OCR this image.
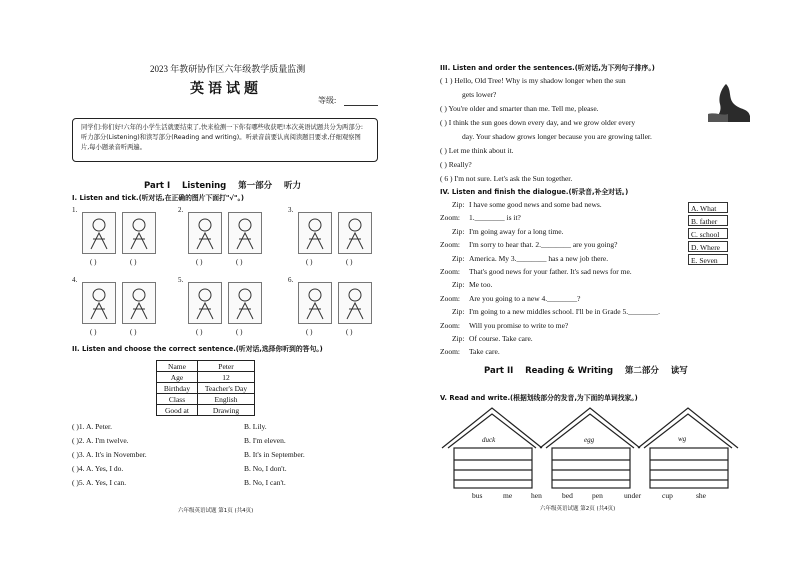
2023 年教研协作区六年级教学质量监测
英语试题
等级:
同学们:你们好!六年的小学生活就要结束了,快来检测一下你有哪些收获吧!本次英语试题共分为两部分:听力部分(Listening)和读写部分(Reading and writing)。听录音前要认真阅读题目要求,仔细观察图片,每小题录音听两遍。
Part I    Listening    第一部分    听力
I. Listen and tick.(听对话,在正确的图片下面打"√"。)
1.
( )	( )
2.
( )	( )
3.
( )	( )
4.
( )	( )
5.
( )	( )
6.
( )	( )
II. Listen and choose the correct sentence.(听对话,选择你听到的答句。)
Name	Peter
Age	12
Birthday	Teacher's Day
Class	English
Good at	Drawing
( )1. A. Peter.	B. Lily.
( )2. A. I'm twelve.	B. I'm eleven.
( )3. A. It's in November.	B. It's in September.
( )4. A. Yes, I do.	B. No, I don't.
( )5. A. Yes, I can.	B. No, I can't.
六年级英语试题 第1页 (共4页)
III. Listen and order the sentences.(听对话,为下列句子排序。)
( 1 ) Hello, Old Tree! Why is my shadow longer when the sun
gets lower?
( ) You're older and smarter than me. Tell me, please.
( ) I think the sun goes down every day, and we grow older every
day. Your shadow grows longer because you are growing taller.
( ) Let me think about it.
( ) Really?
( 6 ) I'm not sure. Let's ask the Sun together.
IV. Listen and finish the dialogue.(听录音,补全对话。)
Zip: I have some good news and some bad news.
Zoom: 1.________ is it?
Zip: I'm going away for a long time.
Zoom: I'm sorry to hear that. 2.________ are you going?
Zip: America. My 3.________ has a new job there.
Zoom: That's good news for your father. It's sad news for me.
Zip: Me too.
Zoom: Are you going to a new 4.________?
Zip: I'm going to a new middles school. I'll be in Grade 5.________.
Zoom: Will you promise to write to me?
Zip: Of course. Take care.
Zoom: Take care.
A. What
B. father
C. school
D. Where
E. Seven
Part II    Reading & Writing    第二部分    读写
V. Read and write.(根据划线部分的发音,为下面的单词找家。)
duck	egg	wg
bus	me	hen	bed	pen	under	cup	she
六年级英语试题 第2页 (共4页)
